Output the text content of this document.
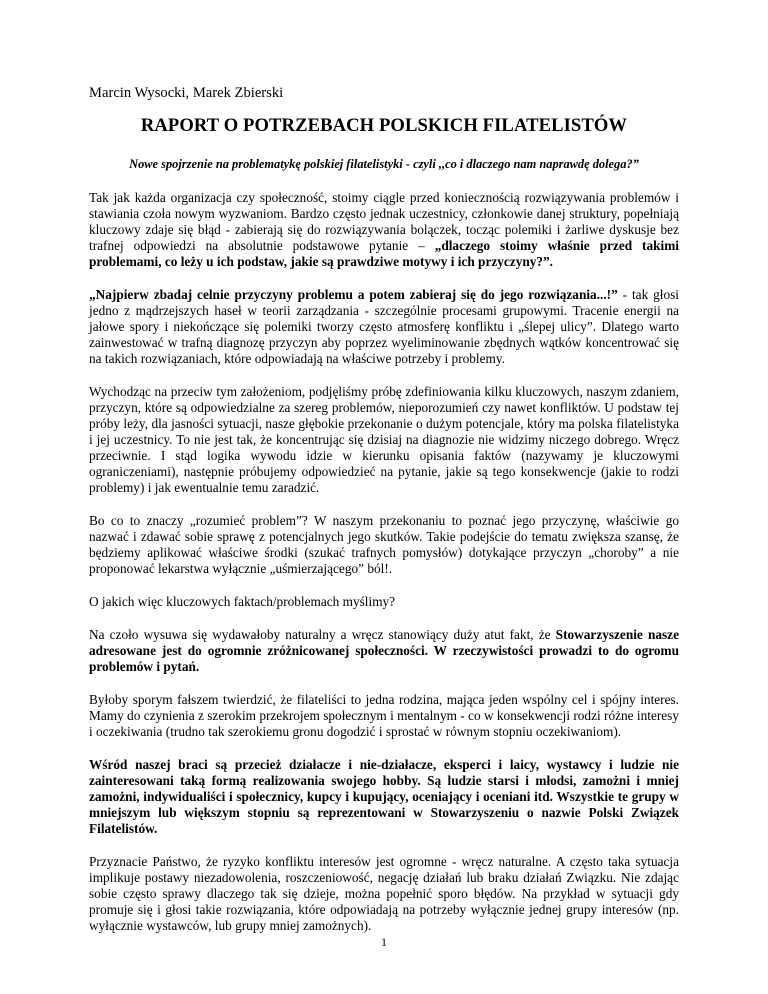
Marcin Wysocki, Marek Zbierski
RAPORT O POTRZEBACH POLSKICH FILATELISTÓW
Nowe spojrzenie na problematykę polskiej filatelistyki - czyli ,,co i dlaczego nam naprawdę dolega?”

Tak jak każda organizacja czy społeczność, stoimy ciągle przed koniecznością rozwiązywania problemów i stawiania czoła nowym wyzwaniom. Bardzo często jednak uczestnicy, członkowie danej struktury, popełniają kluczowy zdaje się błąd - zabierają się do rozwiązywania bolączek, tocząc polemiki i żarliwe dyskusje bez trafnej odpowiedzi na absolutnie podstawowe pytanie – „dlaczego stoimy właśnie przed takimi problemami, co leży u ich podstaw, jakie są prawdziwe motywy i ich przyczyny?”.

„Najpierw zbadaj celnie przyczyny problemu a potem zabieraj się do jego rozwiązania...!” - tak głosi jedno z mądrzejszych haseł w teorii zarządzania - szczególnie procesami grupowymi. Tracenie energii na jałowe spory i niekończące się polemiki tworzy często atmosferę konfliktu i „ślepej ulicy”. Dlatego warto zainwestować w trafną diagnozę przyczyn aby poprzez wyeliminowanie zbędnych wątków koncentrować się na takich rozwiązaniach, które odpowiadają na właściwe potrzeby i problemy.

Wychodząc na przeciw tym założeniom, podjęliśmy próbę zdefiniowania kilku kluczowych, naszym zdaniem, przyczyn, które są odpowiedzialne za szereg problemów, nieporozumień czy nawet konfliktów. U podstaw tej próby leży, dla jasności sytuacji, nasze głębokie przekonanie o dużym potencjale, który ma polska filatelistyka i jej uczestnicy. To nie jest tak, że koncentrując się dzisiaj na diagnozie nie widzimy niczego dobrego. Wręcz przeciwnie. I stąd logika wywodu idzie w kierunku opisania faktów (nazywamy je kluczowymi ograniczeniami), następnie próbujemy odpowiedzieć na pytanie, jakie są tego konsekwencje (jakie to rodzi problemy) i jak ewentualnie temu zaradzić.

Bo co to znaczy „rozumieć problem”? W naszym przekonaniu to poznać jego przyczynę, właściwie go nazwać i zdawać sobie sprawę z potencjalnych jego skutków. Takie podejście do tematu zwiększa szansę, że będziemy aplikować właściwe środki (szukać trafnych pomysłów) dotykające przyczyn „choroby” a nie proponować lekarstwa wyłącznie „uśmierzającego” ból!.

O jakich więc kluczowych faktach/problemach myślimy?

Na czoło wysuwa się wydawałoby naturalny a wręcz stanowiący duży atut fakt, że Stowarzyszenie nasze adresowane jest do ogromnie zróżnicowanej społeczności. W rzeczywistości prowadzi to do ogromu problemów i pytań.

Byłoby sporym fałszem twierdzić, że filateliści to jedna rodzina, mająca jeden wspólny cel i spójny interes. Mamy do czynienia z szerokim przekrojem społecznym i mentalnym - co w konsekwencji rodzi różne interesy i oczekiwania (trudno tak szerokiemu gronu dogodzić i sprostać w równym stopniu oczekiwaniom).

Wśród naszej braci są przecież działacze i nie-działacze, eksperci i laicy, wystawcy i ludzie nie zainteresowani taką formą realizowania swojego hobby. Są ludzie starsi i młodsi, zamożni i mniej zamożni, indywidualiści i społecznicy, kupcy i kupujący, oceniający i oceniani itd. Wszystkie te grupy w mniejszym lub większym stopniu są reprezentowani w Stowarzyszeniu o nazwie Polski Związek Filatelistów.

Przyznacie Państwo, że ryzyko konfliktu interesów jest ogromne - wręcz naturalne. A często taka sytuacja implikuje postawy niezadowolenia, roszczeniowość, negację działań lub braku działań Związku. Nie zdając sobie często sprawy dlaczego tak się dzieje, można popełnić sporo błędów. Na przykład w sytuacji gdy promuje się i głosi takie rozwiązania, które odpowiadają na potrzeby wyłącznie jednej grupy interesów (np. wyłącznie wystawców, lub grupy mniej zamożnych).

1
